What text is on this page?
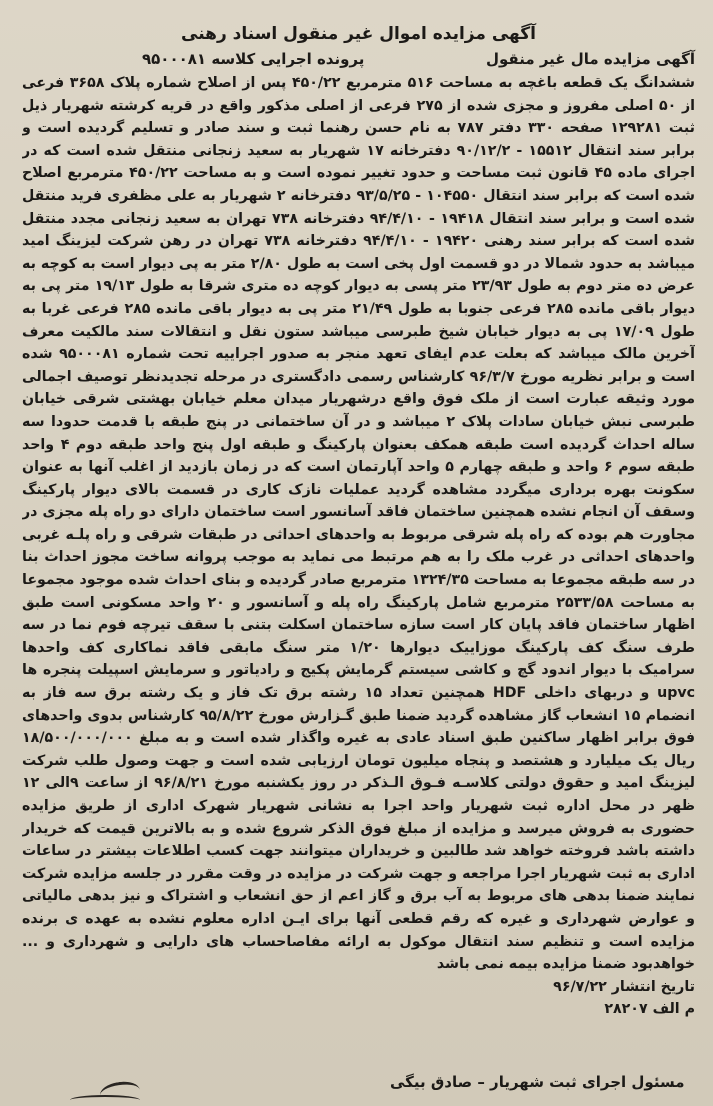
آگهی مزایده اموال غیر منقول اسناد رهنی
آگهی مزایده مال غیر منقول
پرونده اجرایی کلاسه ۹۵۰۰۰۸۱

ششدانگ یک قطعه باغچه به مساحت ۵۱۶ مترمربع ۴۵۰/۲۲ پس از اصلاح شماره پلاک ۳۶۵۸ فرعی از ۵۰ اصلی مفروز و مجزی شده از ۲۷۵ فرعی از اصلی مذکور واقع در قریه کرشته شهریار ذیل ثبت ۱۲۹۲۸۱ صفحه ۳۳۰ دفتر ۷۸۷ به نام حسن رهنما ثبت و سند صادر و تسلیم گردیده است و برابر سند انتقال ۱۵۵۱۲ - ۹۰/۱۲/۲ دفترخانه ۱۷ شهریار به سعید زنجانی منتقل شده است که در اجرای ماده ۴۵ قانون ثبت مساحت و حدود تغییر نموده است و به مساحت ۴۵۰/۲۲ مترمربع اصلاح شده است که برابر سند انتقال ۱۰۴۵۵۰ - ۹۳/۵/۲۵ دفترخانه ۲ شهریار به علی مظفری فرید منتقل شده است و برابر سند انتقال ۱۹۴۱۸ - ۹۴/۴/۱۰ دفترخانه ۷۳۸ تهران به سعید زنجانی مجدد منتقل شده است که برابر سند رهنی ۱۹۴۲۰ - ۹۴/۴/۱۰ دفترخانه ۷۳۸ تهران در رهن شرکت لیزینگ امید میباشد به حدود شمالا در دو قسمت اول پخی است به طول ۲/۸۰ متر به پی دیوار است به کوچه به عرض ده متر دوم به طول ۲۳/۹۳ متر پسی به دیوار کوچه ده متری شرقا به طول ۱۹/۱۳ متر پی به دیوار باقی مانده ۲۸۵ فرعی جنوبا به طول ۲۱/۴۹ متر پی به دیوار باقی مانده ۲۸۵ فرعی غربا به طول ۱۷/۰۹ پی به دیوار خیابان شیخ طبرسی میباشد ستون نقل و انتقالات سند مالکیت معرف آخرین مالک میباشد که بعلت عدم ایفای تعهد منجر به صدور اجراییه تحت شماره ۹۵۰۰۰۸۱ شده است و برابر نظریه مورخ ۹۶/۳/۷ کارشناس رسمی دادگستری در مرحله تجدیدنظر توصیف اجمالی مورد وثیقه عبارت است از ملک فوق واقع درشهریار میدان معلم خیابان بهشتی شرقی خیابان طبرسی نبش خیابان سادات پلاک ۲ میباشد و در آن ساختمانی در پنج طبقه با قدمت حدودا سه ساله احداث گردیده است طبقه همکف بعنوان پارکینگ و طبقه اول پنج واحد طبقه دوم ۴ واحد طبقه سوم ۶ واحد و طبقه چهارم ۵ واحد آپارتمان است که در زمان بازدید از اغلب آنها به عنوان سکونت بهره برداری میگردد مشاهده گردید عملیات نازک کاری در قسمت بالای دیوار پارکینگ وسقف آن انجام نشده همچنین ساختمان فاقد آسانسور است ساختمان دارای دو راه پله مجزی در مجاورت هم بوده که راه پله شرقی مربوط به واحدهای احداثی در طبقات شرقی و راه پلـه غربی واحدهای احداثی در غرب ملک را به هم مرتبط می نماید به موجب پروانه ساخت مجوز احداث بنا در سه طبقه مجموعا به مساحت ۱۳۲۴/۳۵ مترمربع صادر گردیده و بنای احداث شده موجود مجموعا به مساحت ۲۵۳۳/۵۸ مترمربع شامل پارکینگ راه پله و آسانسور و ۲۰ واحد مسکونی است طبق اظهار ساختمان فاقد پایان کار است سازه ساختمان اسکلت بتنی با سقف تیرچه فوم نما در سه طرف سنگ کف پارکینگ موزاییک دیوارها ۱/۲۰ متر سنگ مابقی فاقد نماکاری کف واحدها سرامیک با دیوار اندود گچ و کاشی سیستم گرمایش پکیج و رادیاتور و سرمایش اسپیلت پنجره ها upvc و دربهای داخلی HDF همچنین تعداد ۱۵ رشته برق تک فاز و یک رشته برق سه فاز به انضمام ۱۵ انشعاب گاز مشاهده گردید ضمنا طبق گـزارش مورخ ۹۵/۸/۲۲ کارشناس بدوی واحدهای فوق برابر اظهار ساکنین طبق اسناد عادی به غیره واگذار شده است و به مبلغ ۱۸/۵۰۰/۰۰۰/۰۰۰ ریال یک میلیارد و هشتصد و پنجاه میلیون تومان ارزیابی شده است و جهت وصول طلب شرکت لیزینگ امید و حقوق دولتی کلاسـه فـوق الـذکر در روز یکشنبه مورخ ۹۶/۸/۲۱ از ساعت ۹الی ۱۲ ظهر در محل اداره ثبت شهریار واحد اجرا به نشانی شهریار شهرک اداری از طریق مزایده حضوری به فروش میرسد و مزایده از مبلغ فوق الذکر شروع شده و به بالاترین قیمت که خریدار داشته باشد فروخته خواهد شد طالبین و خریداران میتوانند جهت کسب اطلاعات بیشتر در ساعات اداری به ثبت شهریار اجرا مراجعه و جهت شرکت در مزایده در وقت مقرر در جلسه مزایده شرکت نمایند ضمنا بدهی های مربوط به آب برق و گاز اعم از حق انشعاب و اشتراک و نیز بدهی مالیاتی و عوارض شهرداری و غیره که رقم قطعی آنها برای ایـن اداره معلوم نشده به عهده ی برنده مزایده است و تنظیم سند انتقال موکول به ارائه مفاصاحساب های دارایی و شهرداری و ... خواهدبود ضمنا مزایده بیمه نمی باشد

تاریخ انتشار ۹۶/۷/۲۲
م الف ۲۸۲۰۷
مسئول اجرای ثبت شهریار – صادق بیگی
